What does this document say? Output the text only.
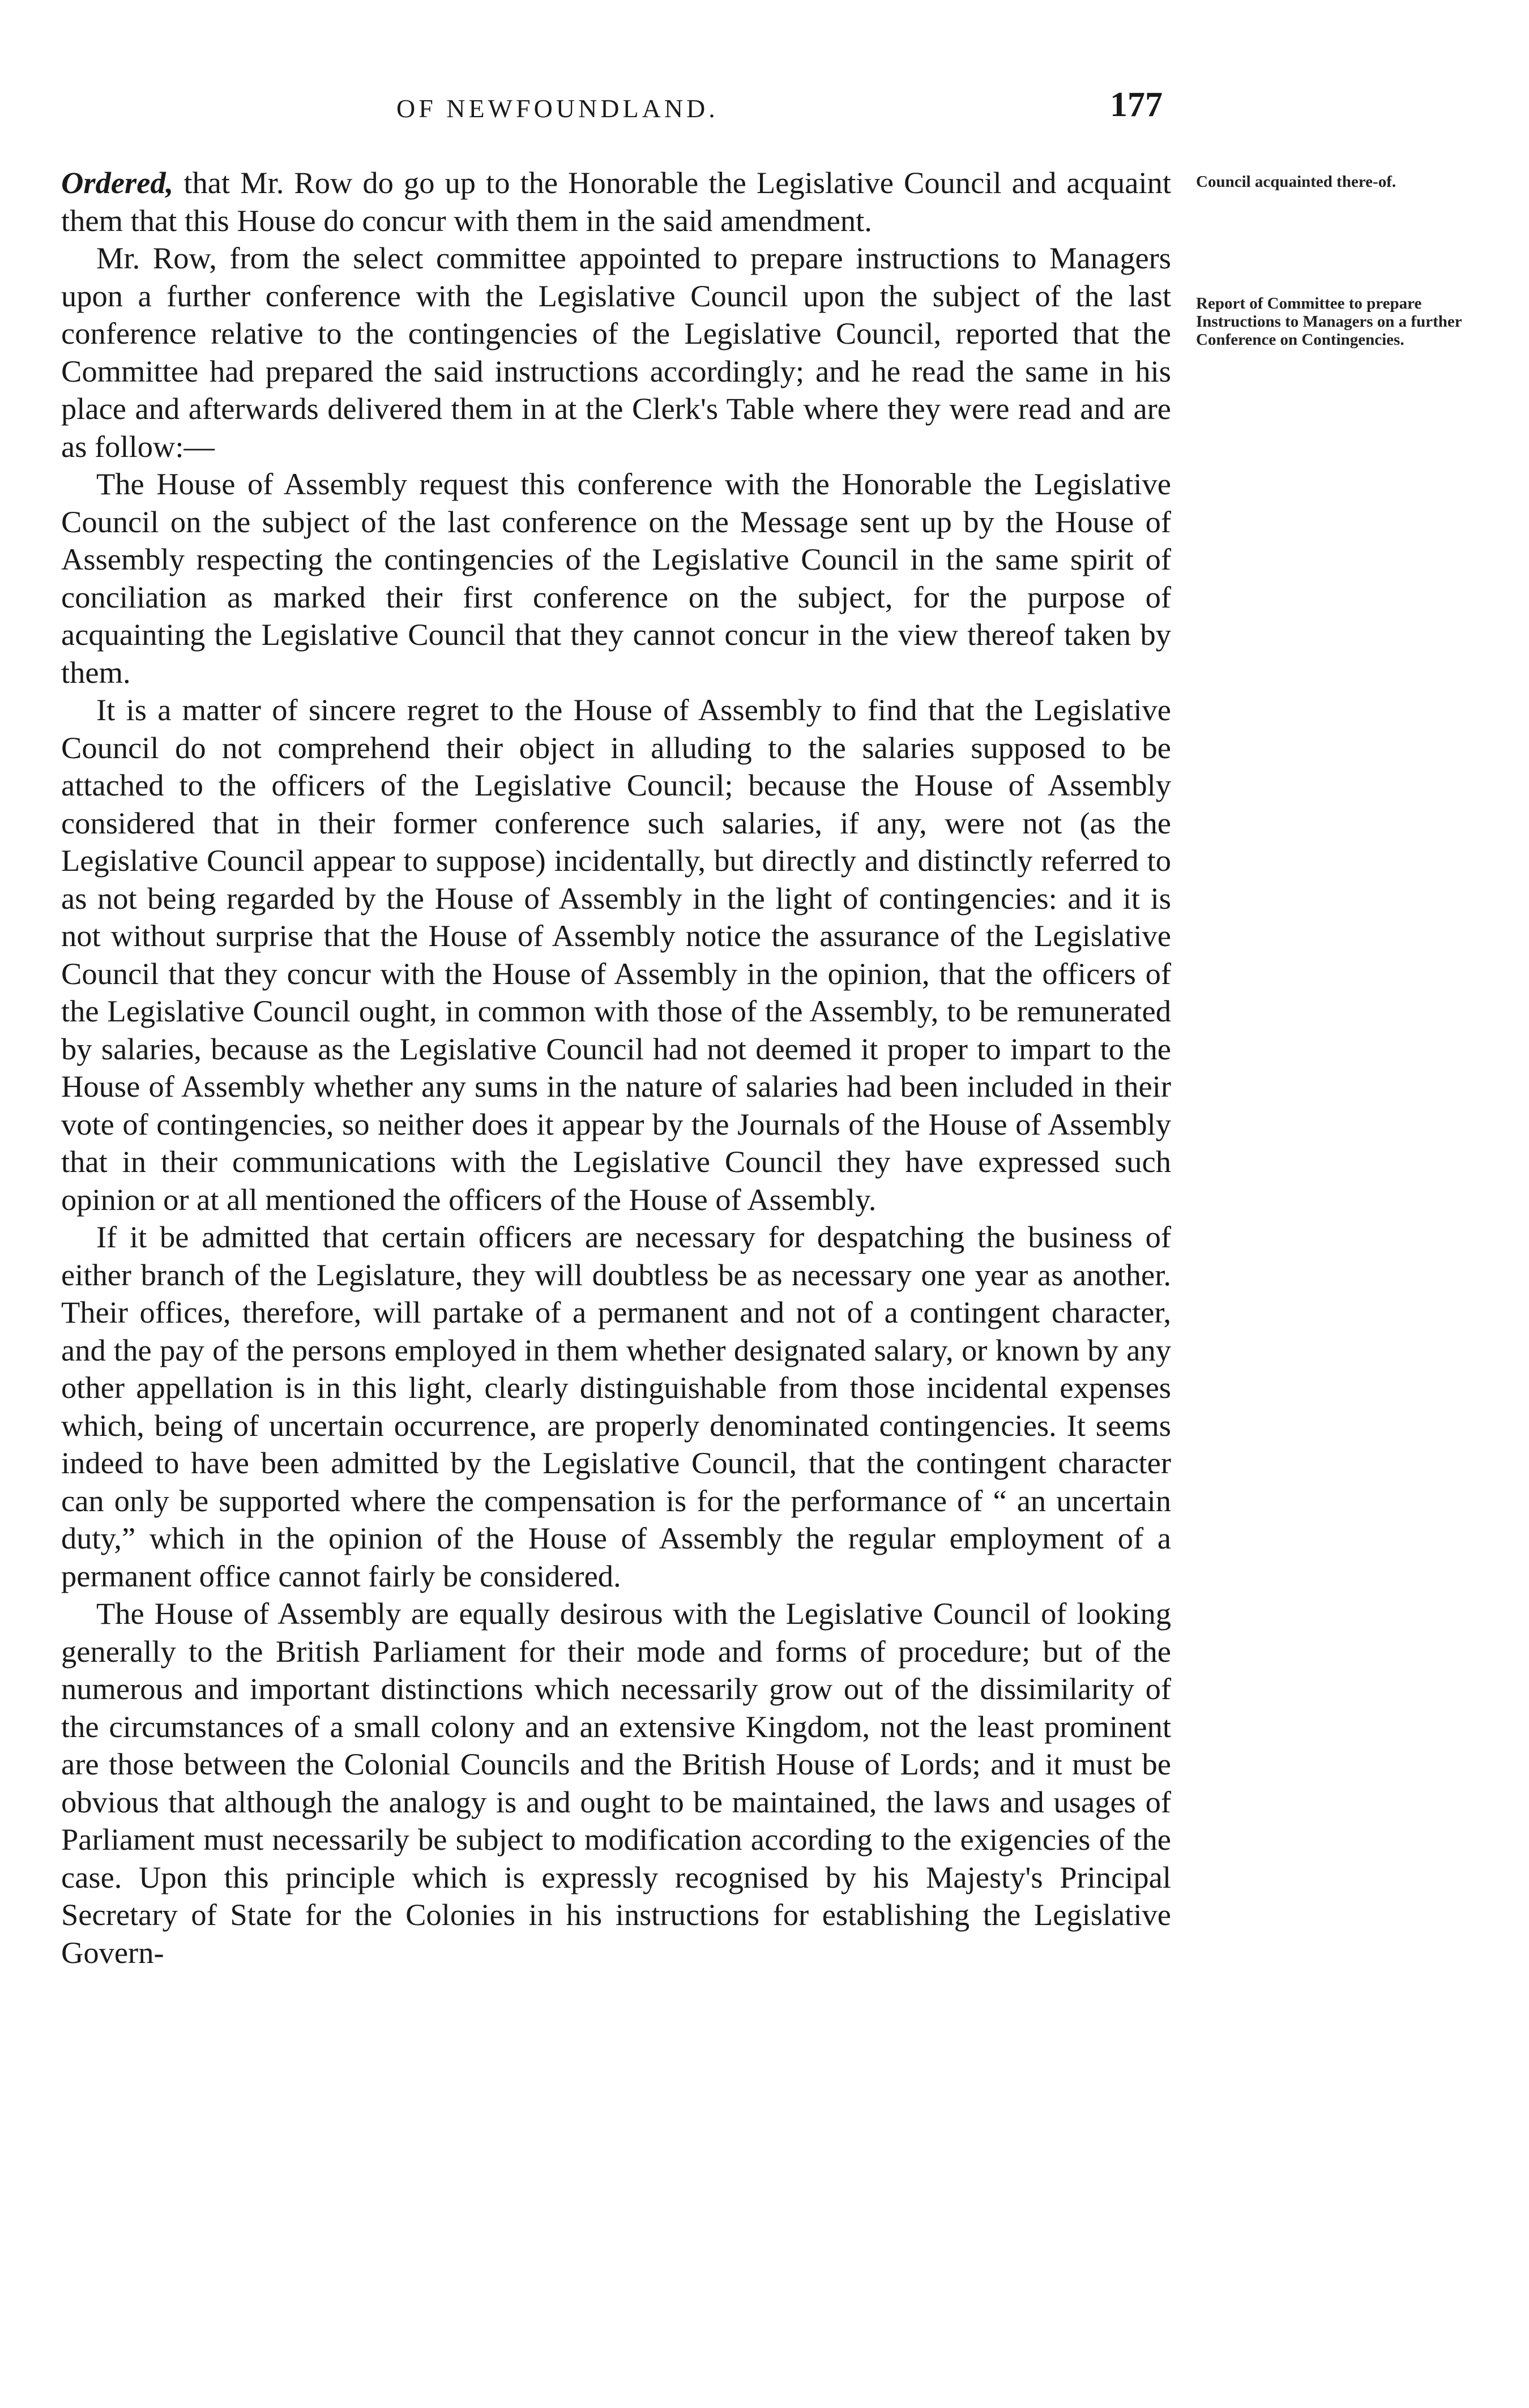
OF NEWFOUNDLAND.	177

Ordered, that Mr. Row do go up to the Honorable the Legislative Council and acquaint them that this House do concur with them in the said amendment.

Mr. Row, from the select committee appointed to prepare instructions to Managers upon a further conference with the Legislative Council upon the subject of the last conference relative to the contingencies of the Legislative Council, reported that the Committee had prepared the said instructions accordingly; and he read the same in his place and afterwards delivered them in at the Clerk's Table where they were read and are as follow:—

The House of Assembly request this conference with the Honorable the Legislative Council on the subject of the last conference on the Message sent up by the House of Assembly respecting the contingencies of the Legislative Council in the same spirit of conciliation as marked their first conference on the subject, for the purpose of acquainting the Legislative Council that they cannot concur in the view thereof taken by them.

It is a matter of sincere regret to the House of Assembly to find that the Legislative Council do not comprehend their object in alluding to the salaries supposed to be attached to the officers of the Legislative Council; because the House of Assembly considered that in their former conference such salaries, if any, were not (as the Legislative Council appear to suppose) incidentally, but directly and distinctly referred to as not being regarded by the House of Assembly in the light of contingencies: and it is not without surprise that the House of Assembly notice the assurance of the Legislative Council that they concur with the House of Assembly in the opinion, that the officers of the Legislative Council ought, in common with those of the Assembly, to be remunerated by salaries, because as the Legislative Council had not deemed it proper to impart to the House of Assembly whether any sums in the nature of salaries had been included in their vote of contingencies, so neither does it appear by the Journals of the House of Assembly that in their communications with the Legislative Council they have expressed such opinion or at all mentioned the officers of the House of Assembly.

If it be admitted that certain officers are necessary for despatching the business of either branch of the Legislature, they will doubtless be as necessary one year as another. Their offices, therefore, will partake of a permanent and not of a contingent character, and the pay of the persons employed in them whether designated salary, or known by any other appellation is in this light, clearly distinguishable from those incidental expenses which, being of uncertain occurrence, are properly denominated contingencies. It seems indeed to have been admitted by the Legislative Council, that the contingent character can only be supported where the compensation is for the performance of “ an uncertain duty,” which in the opinion of the House of Assembly the regular employment of a permanent office cannot fairly be considered.

The House of Assembly are equally desirous with the Legislative Council of looking generally to the British Parliament for their mode and forms of procedure; but of the numerous and important distinctions which necessarily grow out of the dissimilarity of the circumstances of a small colony and an extensive Kingdom, not the least prominent are those between the Colonial Councils and the British House of Lords; and it must be obvious that although the analogy is and ought to be maintained, the laws and usages of Parliament must necessarily be subject to modification according to the exigencies of the case. Upon this principle which is expressly recognised by his Majesty's Principal Secretary of State for the Colonies in his instructions for establishing the Legislative Govern-

Council acquainted there-of.
Report of Committee to prepare Instructions to Managers on a further Conference on Contingencies.
